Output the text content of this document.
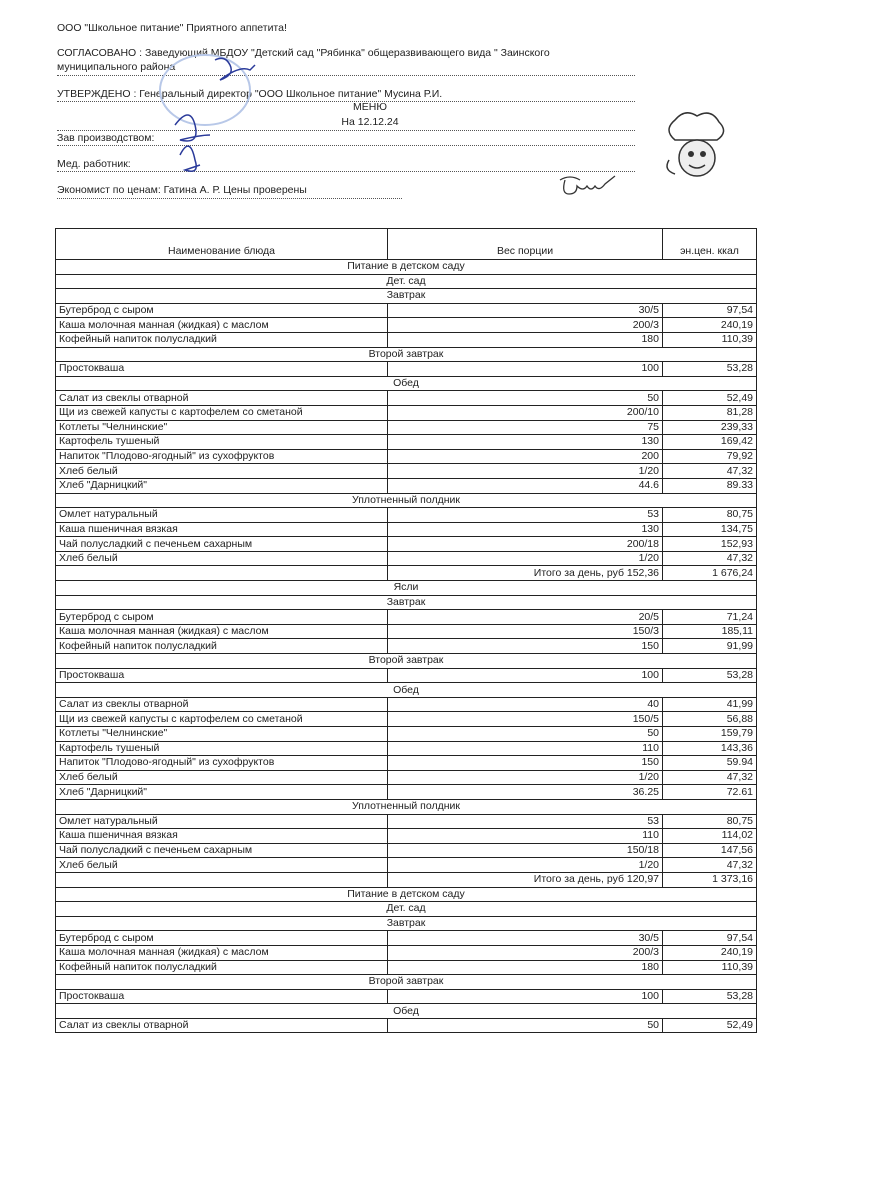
ООО "Школьное питание" Приятного аппетита!
СОГЛАСОВАНО : Заведующий МБДОУ "Детский сад "Рябинка" общеразвивающего вида " Заинского
муниципального района
УТВЕРЖДЕНО : Генеральный директор "ООО Школьное питание" Мусина Р.И.
МЕНЮ
На 12.12.24
Зав производством:
Мед. работник:
Экономист по ценам: Гатина А. Р. Цены проверены
Наименование блюда	Вес порции	эн.цен. ккал
Питание в детском саду		
Дет. сад		
Завтрак		
Бутерброд с сыром	30/5	97,54
Каша молочная манная (жидкая) с маслом	200/3	240,19
Кофейный напиток полусладкий	180	110,39
Второй завтрак		
Простокваша	100	53,28
Обед		
Салат из свеклы отварной	50	52,49
Щи из свежей капусты с картофелем со сметаной	200/10	81,28
Котлеты "Челнинские"	75	239,33
Картофель тушеный	130	169,42
Напиток "Плодово-ягодный" из сухофруктов	200	79,92
Хлеб белый	1/20	47,32
Хлеб "Дарницкий"	44.6	89.33
Уплотненный полдник		
Омлет натуральный	53	80,75
Каша пшеничная вязкая	130	134,75
Чай полусладкий с печеньем сахарным	200/18	152,93
Хлеб белый	1/20	47,32
	Итого за день, руб 152,36	1 676,24
Ясли		
Завтрак		
Бутерброд с сыром	20/5	71,24
Каша молочная манная (жидкая) с маслом	150/3	185,11
Кофейный напиток полусладкий	150	91,99
Второй завтрак		
Простокваша	100	53,28
Обед		
Салат из свеклы отварной	40	41,99
Щи из свежей капусты с картофелем со сметаной	150/5	56,88
Котлеты "Челнинские"	50	159,79
Картофель тушеный	110	143,36
Напиток "Плодово-ягодный" из сухофруктов	150	59.94
Хлеб белый	1/20	47,32
Хлеб "Дарницкий"	36.25	72.61
Уплотненный полдник		
Омлет натуральный	53	80,75
Каша пшеничная вязкая	110	114,02
Чай полусладкий с печеньем сахарным	150/18	147,56
Хлеб белый	1/20	47,32
	Итого за день, руб 120,97	1 373,16
Питание в детском саду		
Дет. сад		
Завтрак		
Бутерброд с сыром	30/5	97,54
Каша молочная манная (жидкая) с маслом	200/3	240,19
Кофейный напиток полусладкий	180	110,39
Второй завтрак		
Простокваша	100	53,28
Обед		
Салат из свеклы отварной	50	52,49
